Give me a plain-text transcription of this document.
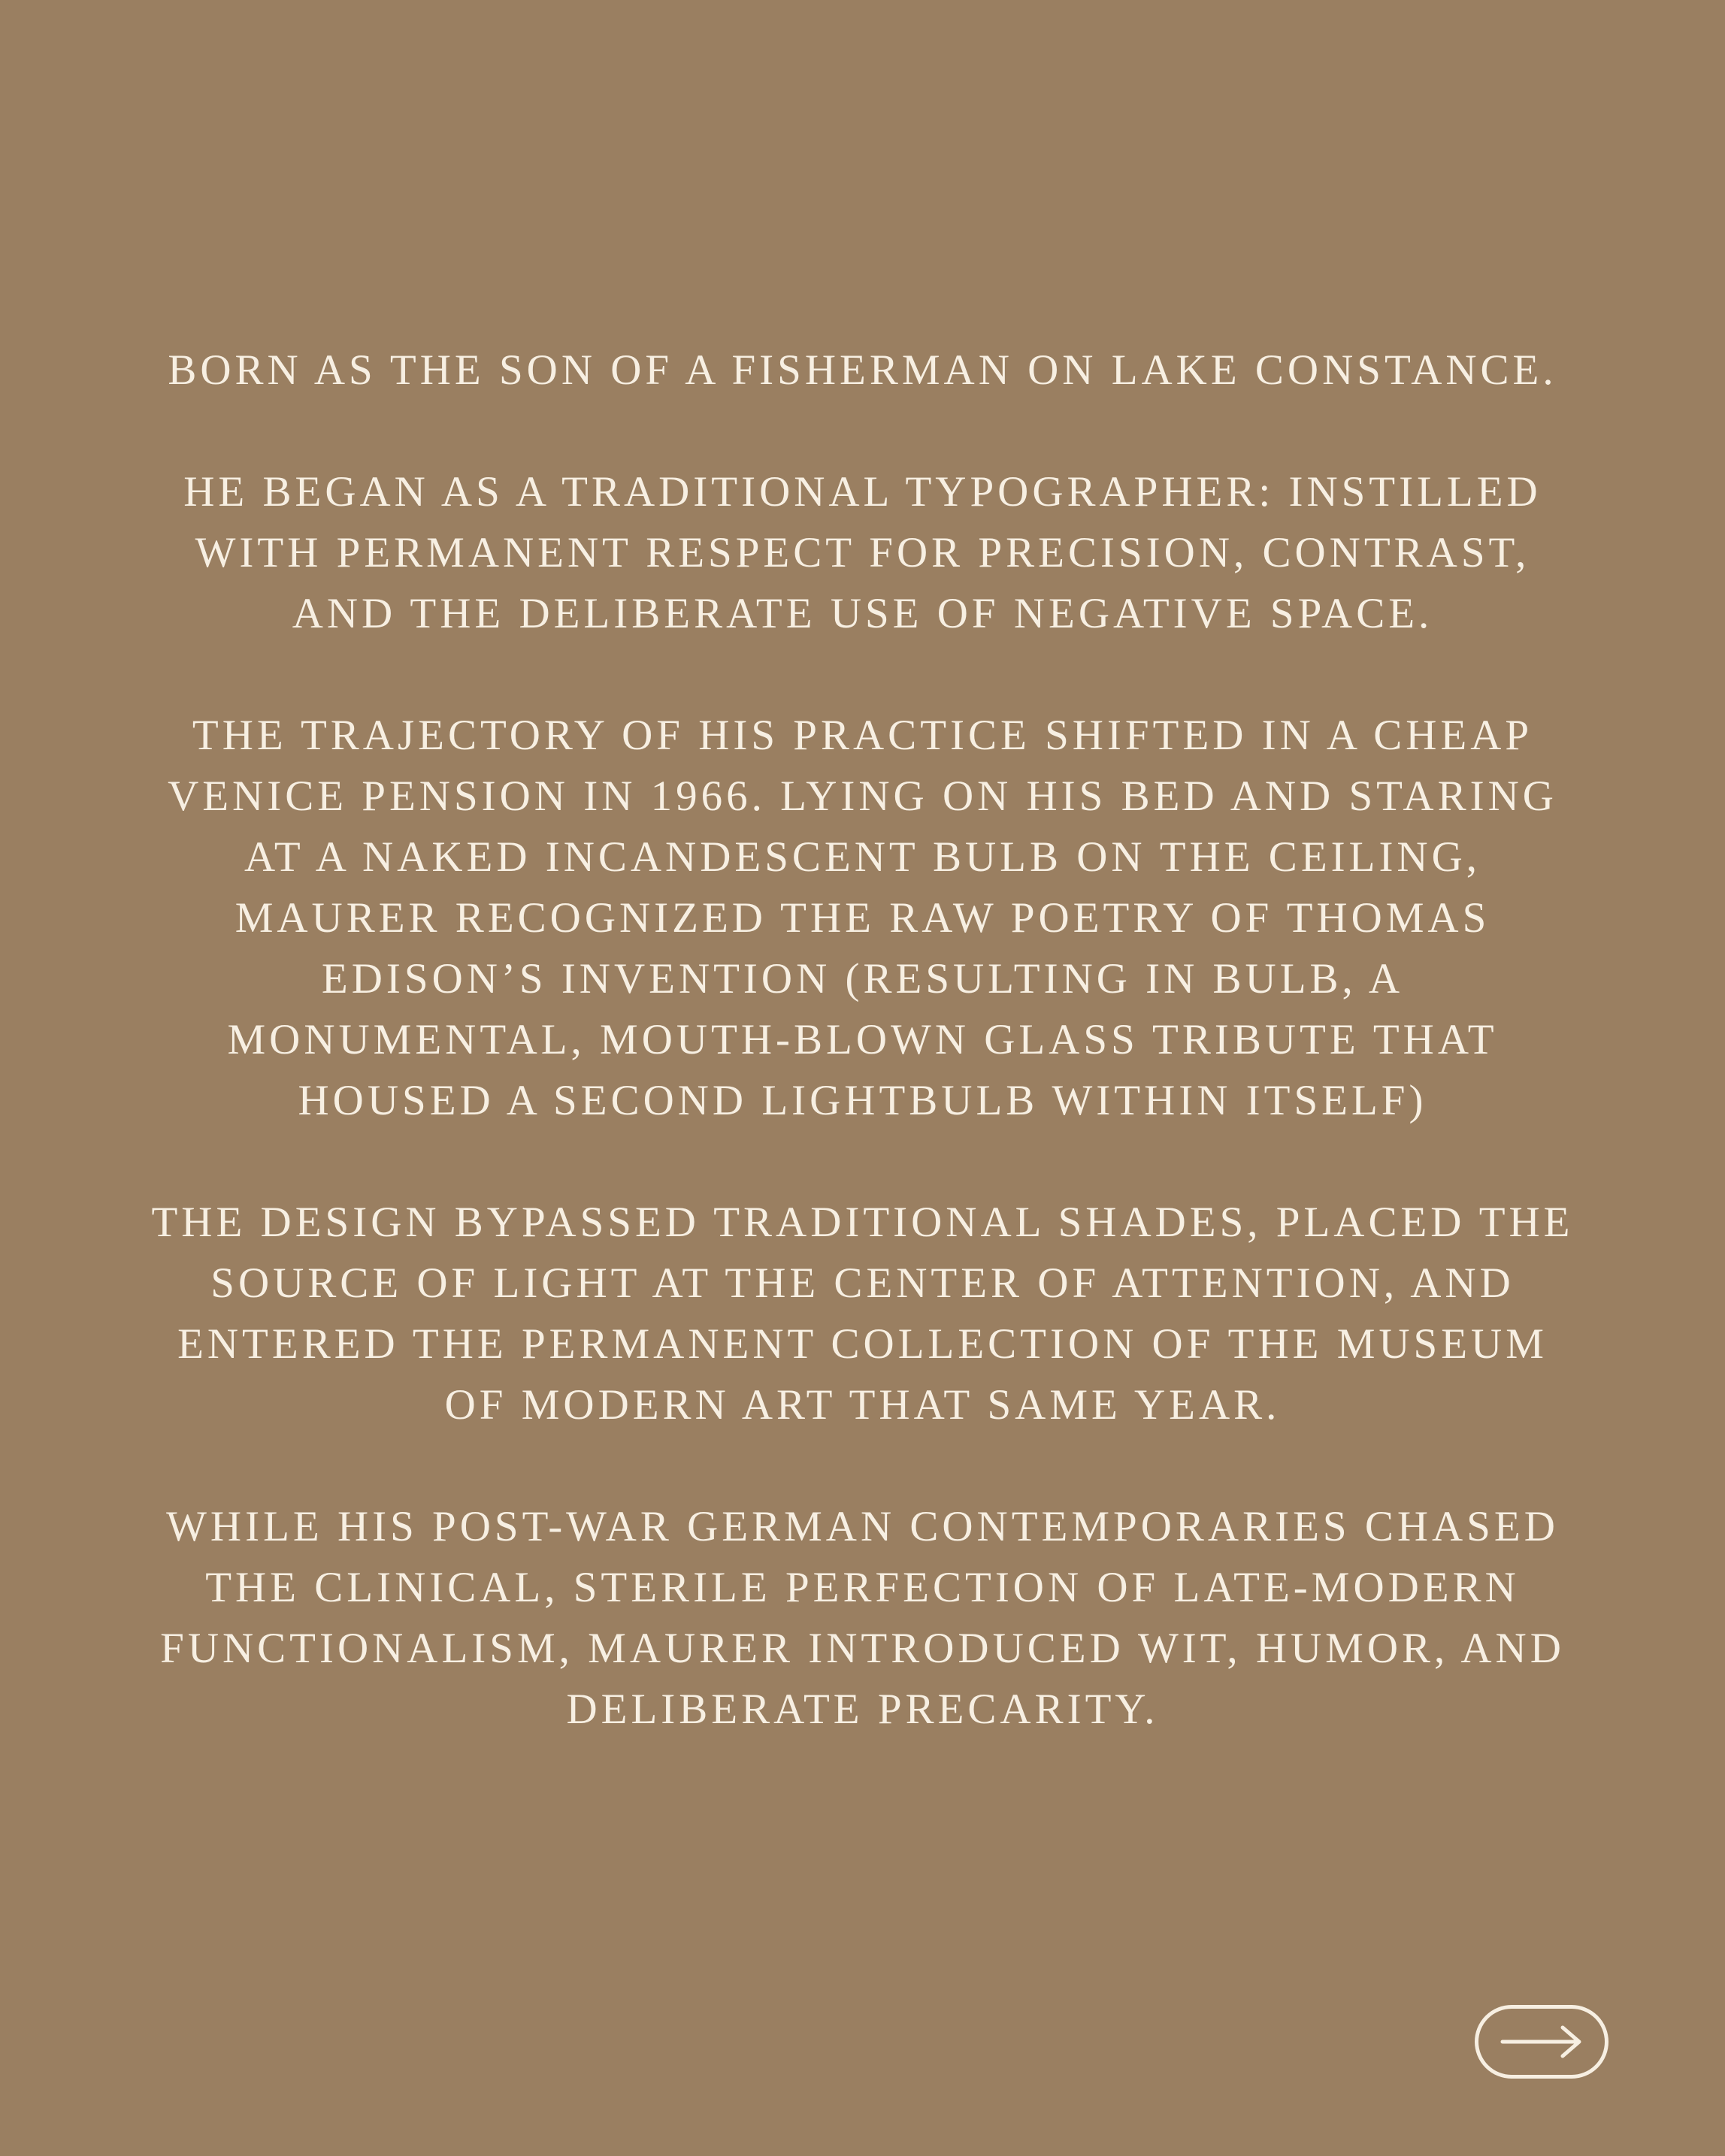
BORN AS THE SON OF A FISHERMAN ON LAKE CONSTANCE.

HE BEGAN AS A TRADITIONAL TYPOGRAPHER: INSTILLED
WITH PERMANENT RESPECT FOR PRECISION, CONTRAST,
AND THE DELIBERATE USE OF NEGATIVE SPACE.

THE TRAJECTORY OF HIS PRACTICE SHIFTED IN A CHEAP
VENICE PENSION IN 1966. LYING ON HIS BED AND STARING
AT A NAKED INCANDESCENT BULB ON THE CEILING,
MAURER RECOGNIZED THE RAW POETRY OF THOMAS
EDISON’S INVENTION (RESULTING IN BULB, A
MONUMENTAL, MOUTH-BLOWN GLASS TRIBUTE THAT
HOUSED A SECOND LIGHTBULB WITHIN ITSELF)

THE DESIGN BYPASSED TRADITIONAL SHADES, PLACED THE
SOURCE OF LIGHT AT THE CENTER OF ATTENTION, AND
ENTERED THE PERMANENT COLLECTION OF THE MUSEUM
OF MODERN ART THAT SAME YEAR.

WHILE HIS POST-WAR GERMAN CONTEMPORARIES CHASED
THE CLINICAL, STERILE PERFECTION OF LATE-MODERN
FUNCTIONALISM, MAURER INTRODUCED WIT, HUMOR, AND
DELIBERATE PRECARITY.
